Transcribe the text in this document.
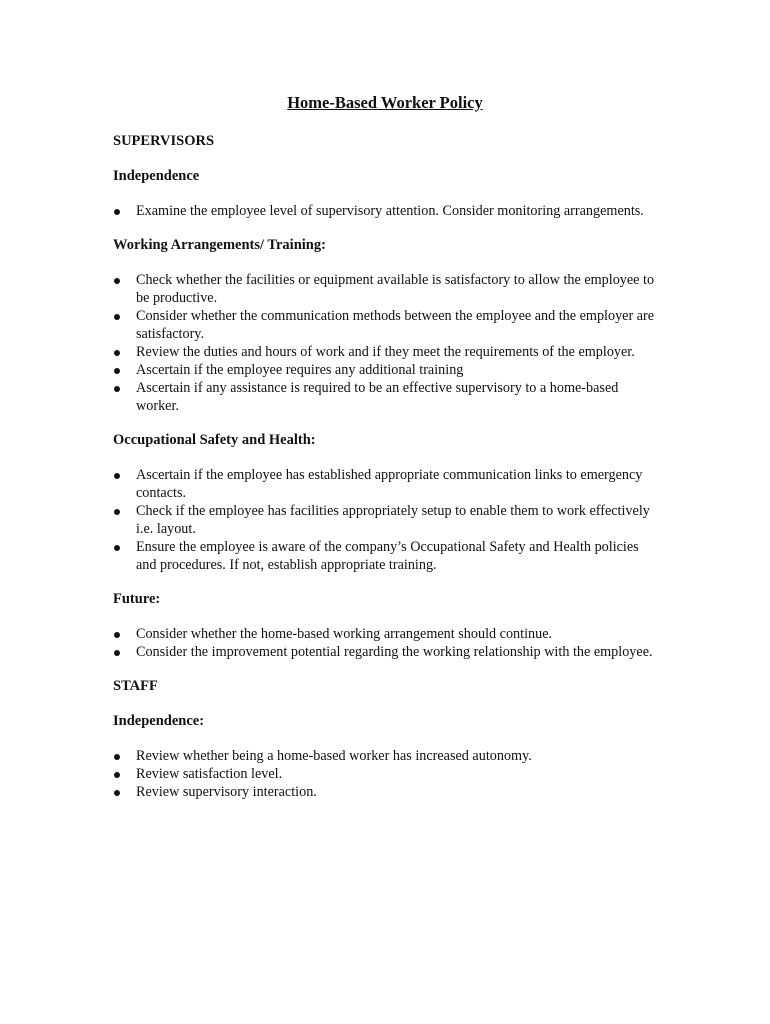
Home-Based Worker Policy
SUPERVISORS
Independence
Examine the employee level of supervisory attention. Consider monitoring arrangements.
Working Arrangements/ Training:
Check whether the facilities or equipment available is satisfactory to allow the employee to be productive.
Consider whether the communication methods between the employee and the employer are satisfactory.
Review the duties and hours of work and if they meet the requirements of the employer.
Ascertain if the employee requires any additional training
Ascertain if any assistance is required to be an effective supervisory to a home-based worker.
Occupational Safety and Health:
Ascertain if the employee has established appropriate communication links to emergency contacts.
Check if the employee has facilities appropriately setup to enable them to work effectively i.e. layout.
Ensure the employee is aware of the company’s Occupational Safety and Health policies and procedures. If not, establish appropriate training.
Future:
Consider whether the home-based working arrangement should continue.
Consider the improvement potential regarding the working relationship with the employee.
STAFF
Independence:
Review whether being a home-based worker has increased autonomy.
Review satisfaction level.
Review supervisory interaction.
